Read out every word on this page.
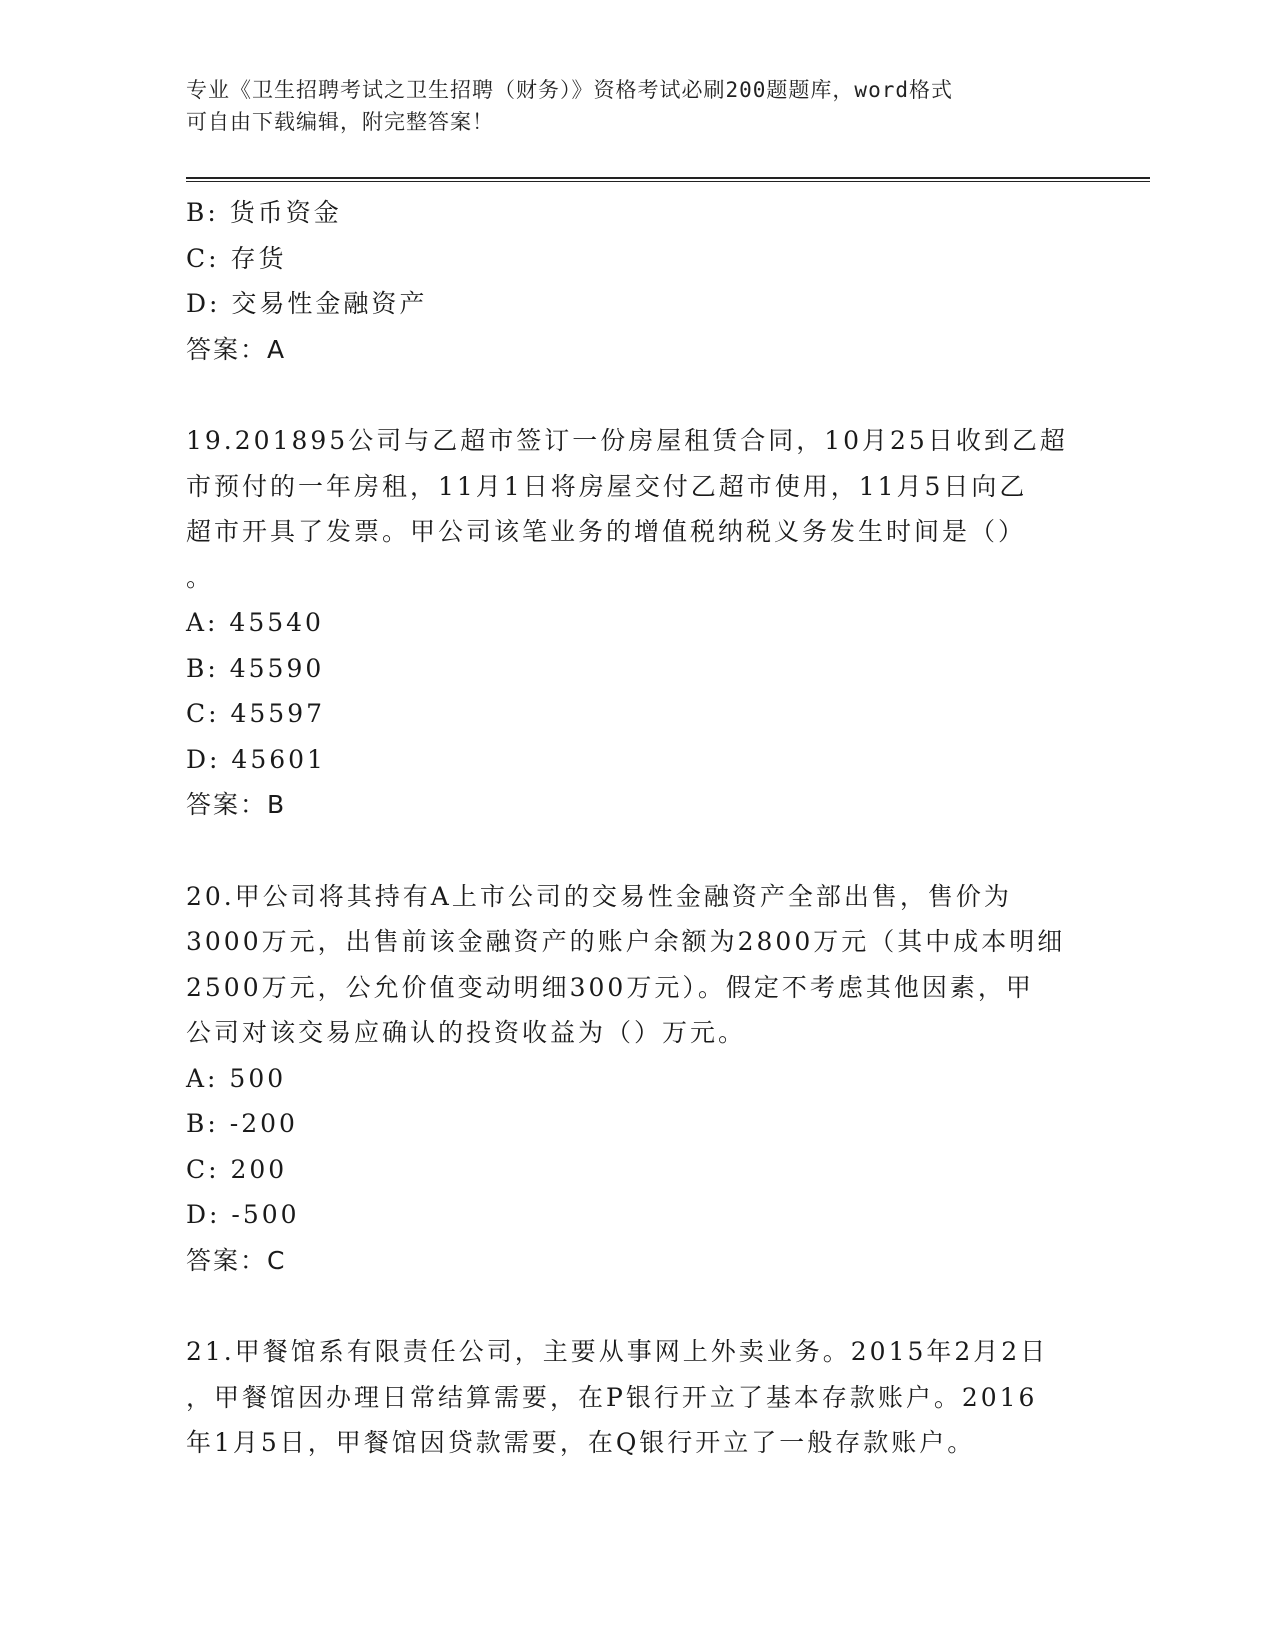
专业《卫生招聘考试之卫生招聘（财务）》资格考试必刷200题题库，word格式
可自由下载编辑，附完整答案！
B: 货币资金
C: 存货
D: 交易性金融资产
答案：A
19.201895公司与乙超市签订一份房屋租赁合同，10月25日收到乙超
市预付的一年房租，11月1日将房屋交付乙超市使用，11月5日向乙
超市开具了发票。甲公司该笔业务的增值税纳税义务发生时间是（）
。
A: 45540
B: 45590
C: 45597
D: 45601
答案：B
20.甲公司将其持有A上市公司的交易性金融资产全部出售，售价为
3000万元，出售前该金融资产的账户余额为2800万元（其中成本明细
2500万元，公允价值变动明细300万元）。假定不考虑其他因素，甲
公司对该交易应确认的投资收益为（）万元。
A: 500
B: -200
C: 200
D: -500
答案：C
21.甲餐馆系有限责任公司，主要从事网上外卖业务。2015年2月2日
，甲餐馆因办理日常结算需要，在P银行开立了基本存款账户。2016
年1月5日，甲餐馆因贷款需要，在Q银行开立了一般存款账户。
